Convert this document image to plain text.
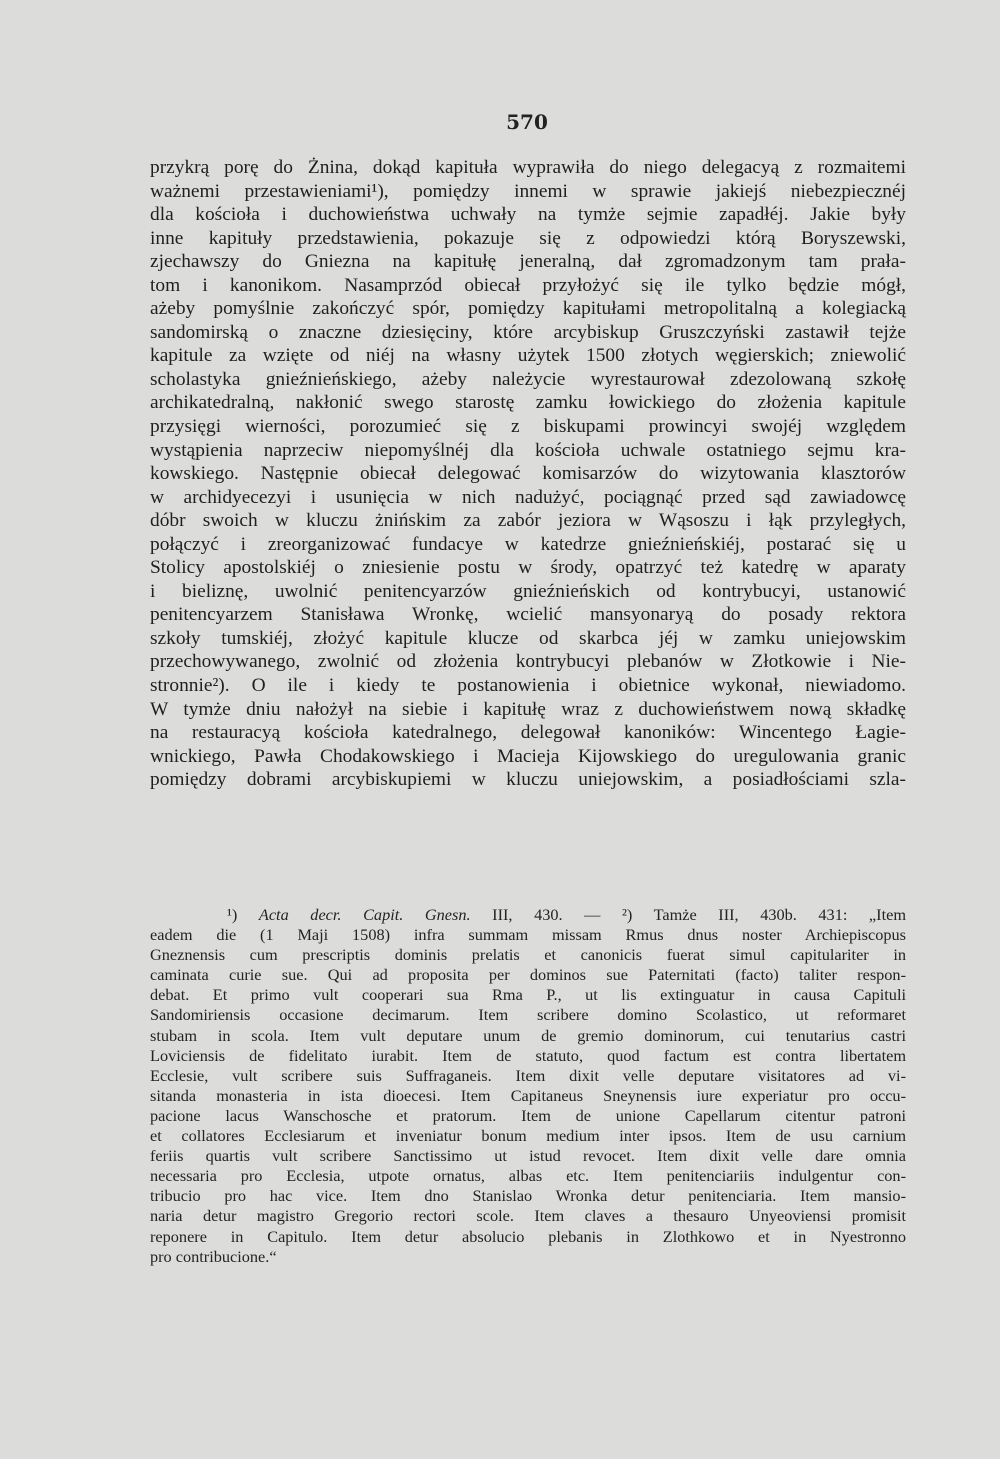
570
przykrą porę do Żnina, dokąd kapituła wyprawiła do niego delegacyą z rozmaitemi
ważnemi przestawieniami¹), pomiędzy innemi w sprawie jakiejś niebezpiecznéj
dla kościoła i duchowieństwa uchwały na tymże sejmie zapadłéj. Jakie były
inne kapituły przedstawienia, pokazuje się z odpowiedzi którą Boryszewski,
zjechawszy do Gniezna na kapitułę jeneralną, dał zgromadzonym tam prała-
tom i kanonikom. Nasamprzód obiecał przyłożyć się ile tylko będzie mógł,
ażeby pomyślnie zakończyć spór, pomiędzy kapitułami metropolitalną a kolegiacką
sandomirską o znaczne dziesięciny, które arcybiskup Gruszczyński zastawił tejże
kapitule za wzięte od niéj na własny użytek 1500 złotych węgierskich; zniewolić
scholastyka gnieźnieńskiego, ażeby należycie wyrestaurował zdezolowaną szkołę
archikatedralną, nakłonić swego starostę zamku łowickiego do złożenia kapitule
przysięgi wierności, porozumieć się z biskupami prowincyi swojéj względem
wystąpienia naprzeciw niepomyślnéj dla kościoła uchwale ostatniego sejmu kra-
kowskiego. Następnie obiecał delegować komisarzów do wizytowania klasztorów
w archidyecezyi i usunięcia w nich nadużyć, pociągnąć przed sąd zawiadowcę
dóbr swoich w kluczu żnińskim za zabór jeziora w Wąsoszu i łąk przyległych,
połączyć i zreorganizować fundacye w katedrze gnieźnieńskiéj, postarać się u
Stolicy apostolskiéj o zniesienie postu w środy, opatrzyć też katedrę w aparaty
i bieliznę, uwolnić penitencyarzów gnieźnieńskich od kontrybucyi, ustanowić
penitencyarzem Stanisława Wronkę, wcielić mansyonaryą do posady rektora
szkoły tumskiéj, złożyć kapitule klucze od skarbca jéj w zamku uniejowskim
przechowywanego, zwolnić od złożenia kontrybucyi plebanów w Złotkowie i Nie-
stronnie²). O ile i kiedy te postanowienia i obietnice wykonał, niewiadomo.
W tymże dniu nałożył na siebie i kapitułę wraz z duchowieństwem nową składkę
na restauracyą kościoła katedralnego, delegował kanoników: Wincentego Łagie-
wnickiego, Pawła Chodakowskiego i Macieja Kijowskiego do uregulowania granic
pomiędzy dobrami arcybiskupiemi w kluczu uniejowskim, a posiadłościami szla-
¹) Acta decr. Capit. Gnesn. III, 430. — ²) Tamże III, 430b. 431: „Item
eadem die (1 Maji 1508) infra summam missam Rmus dnus noster Archiepiscopus
Gneznensis cum prescriptis dominis prelatis et canonicis fuerat simul capitulariter in
caminata curie sue. Qui ad proposita per dominos sue Paternitati (facto) taliter respon-
debat. Et primo vult cooperari sua Rma P., ut lis extinguatur in causa Capituli
Sandomiriensis occasione decimarum. Item scribere domino Scolastico, ut reformaret
stubam in scola. Item vult deputare unum de gremio dominorum, cui tenutarius castri
Loviciensis de fidelitato iurabit. Item de statuto, quod factum est contra libertatem
Ecclesie, vult scribere suis Suffraganeis. Item dixit velle deputare visitatores ad vi-
sitanda monasteria in ista dioecesi. Item Capitaneus Sneynensis iure experiatur pro occu-
pacione lacus Wanschosche et pratorum. Item de unione Capellarum citentur patroni
et collatores Ecclesiarum et inveniatur bonum medium inter ipsos. Item de usu carnium
feriis quartis vult scribere Sanctissimo ut istud revocet. Item dixit velle dare omnia
necessaria pro Ecclesia, utpote ornatus, albas etc. Item penitenciariis indulgentur con-
tribucio pro hac vice. Item dno Stanislao Wronka detur penitenciaria. Item mansio-
naria detur magistro Gregorio rectori scole. Item claves a thesauro Unyeoviensi promisit
reponere in Capitulo. Item detur absolucio plebanis in Zlothkowo et in Nyestronno
pro contribucione.“
